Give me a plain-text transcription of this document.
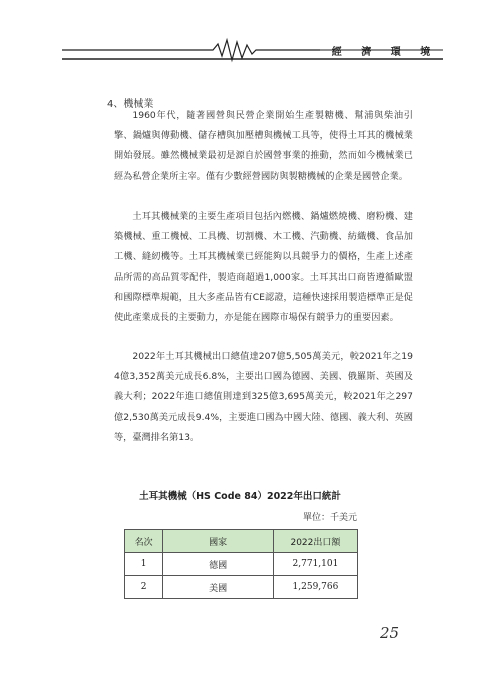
經 濟 環 境
4、機械業

1960年代，隨著國營與民營企業開始生產製糖機、幫浦與柴油引擎、鍋爐與傳動機、儲存槽與加壓槽與機械工具等，使得土耳其的機械業開始發展。雖然機械業最初是源自於國營事業的推動，然而如今機械業已經為私營企業所主宰。僅有少數經營國防與製糖機械的企業是國營企業。

土耳其機械業的主要生產項目包括內燃機、鍋爐燃燒機、磨粉機、建築機械、重工機械、工具機、切割機、木工機、汽動機、紡織機、食品加工機、縫紉機等。土耳其機械業已經能夠以具競爭力的價格，生產上述產品所需的高品質零配件，製造商超過1,000家。土耳其出口商皆遵循歐盟和國際標準規範，且大多產品皆有CE認證，這種快速採用製造標準正是促使此產業成長的主要動力，亦是能在國際市場保有競爭力的重要因素。

2022年土耳其機械出口總值達207億5,505萬美元，較2021年之194億3,352萬美元成長6.8%，主要出口國為德國、美國、俄羅斯、英國及義大利；2022年進口總值則達到325億3,695萬美元，較2021年之297億2,530萬美元成長9.4%，主要進口國為中國大陸、德國、義大利、英國等，臺灣排名第13。

土耳其機械（HS Code 84）2022年出口統計
單位：千美元
名次	國家	2022出口額
1	德國	2,771,101
2	美國	1,259,766
25
